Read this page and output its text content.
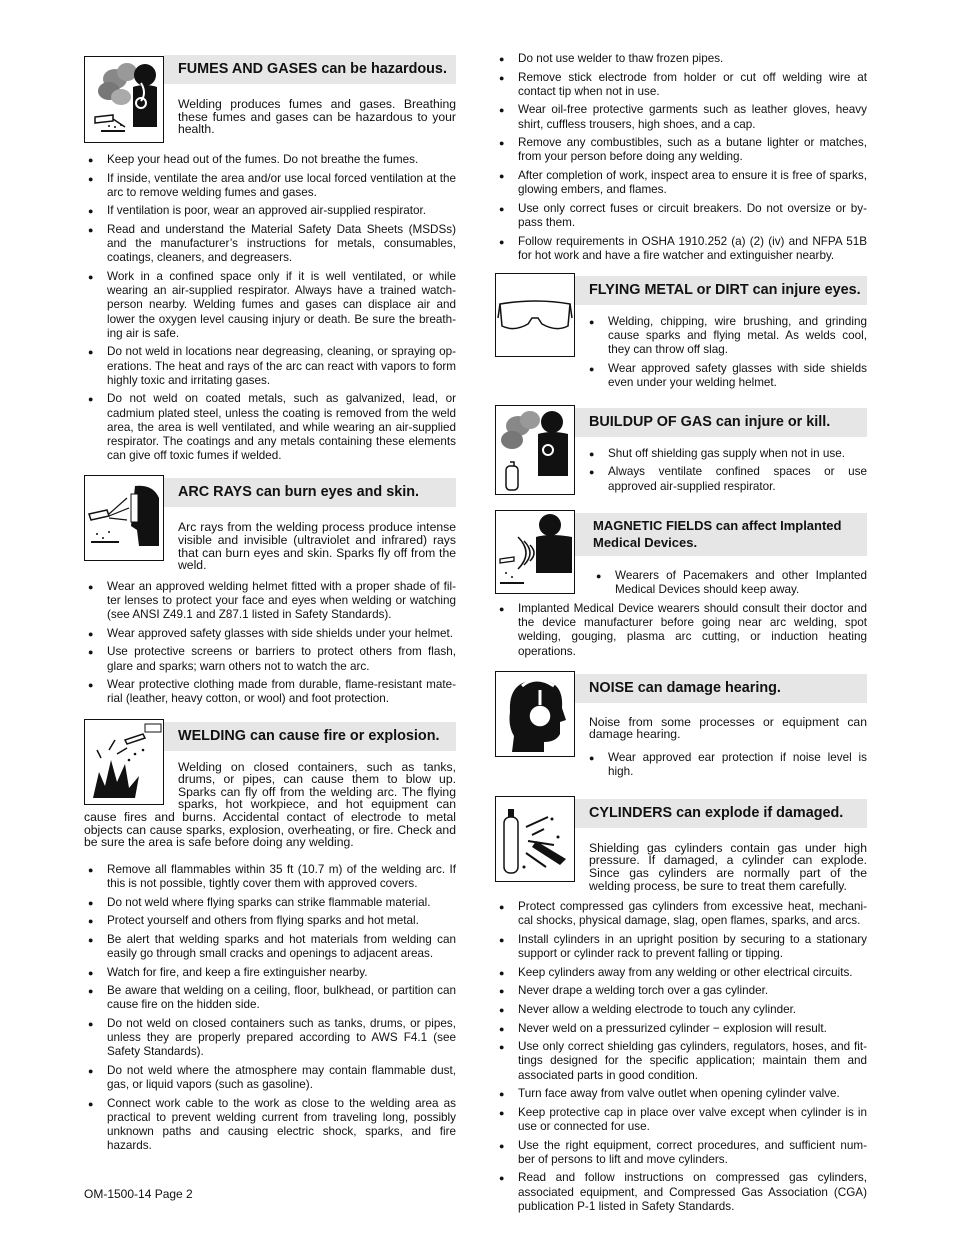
FUMES AND GASES can be hazardous.

Welding produces fumes and gases. Breathing these fumes and gases can be hazardous to your health.

● Keep your head out of the fumes. Do not breathe the fumes.
● If inside, ventilate the area and/or use local forced ventilation at the arc to remove welding fumes and gases.
● If ventilation is poor, wear an approved air-supplied respirator.
● Read and understand the Material Safety Data Sheets (MSDSs) and the manufacturer’s instructions for metals, consumables, coatings, cleaners, and degreasers.
● Work in a confined space only if it is well ventilated, or while wearing an air-supplied respirator. Always have a trained watch-person nearby. Welding fumes and gases can displace air and lower the oxygen level causing injury or death. Be sure the breath-ing air is safe.
● Do not weld in locations near degreasing, cleaning, or spraying op-erations. The heat and rays of the arc can react with vapors to form highly toxic and irritating gases.
● Do not weld on coated metals, such as galvanized, lead, or cadmium plated steel, unless the coating is removed from the weld area, the area is well ventilated, and while wearing an air-supplied respirator. The coatings and any metals containing these elements can give off toxic fumes if welded.
ARC RAYS can burn eyes and skin.

Arc rays from the welding process produce intense visible and invisible (ultraviolet and infrared) rays that can burn eyes and skin. Sparks fly off from the weld.

● Wear an approved welding helmet fitted with a proper shade of fil-ter lenses to protect your face and eyes when welding or watching (see ANSI Z49.1 and Z87.1 listed in Safety Standards).
● Wear approved safety glasses with side shields under your helmet.
● Use protective screens or barriers to protect others from flash, glare and sparks; warn others not to watch the arc.
● Wear protective clothing made from durable, flame-resistant mate-rial (leather, heavy cotton, or wool) and foot protection.
WELDING can cause fire or explosion.

Welding on closed containers, such as tanks, drums, or pipes, can cause them to blow up. Sparks can fly off from the welding arc. The flying sparks, hot workpiece, and hot equipment can cause fires and burns. Accidental contact of electrode to metal objects can cause sparks, explosion, overheating, or fire. Check and be sure the area is safe before doing any welding.

● Remove all flammables within 35 ft (10.7 m) of the welding arc. If this is not possible, tightly cover them with approved covers.
● Do not weld where flying sparks can strike flammable material.
● Protect yourself and others from flying sparks and hot metal.
● Be alert that welding sparks and hot materials from welding can easily go through small cracks and openings to adjacent areas.
● Watch for fire, and keep a fire extinguisher nearby.
● Be aware that welding on a ceiling, floor, bulkhead, or partition can cause fire on the hidden side.
● Do not weld on closed containers such as tanks, drums, or pipes, unless they are properly prepared according to AWS F4.1 (see Safety Standards).
● Do not weld where the atmosphere may contain flammable dust, gas, or liquid vapors (such as gasoline).
● Connect work cable to the work as close to the welding area as practical to prevent welding current from traveling long, possibly unknown paths and causing electric shock, sparks, and fire hazards.
● Do not use welder to thaw frozen pipes.
● Remove stick electrode from holder or cut off welding wire at contact tip when not in use.
● Wear oil-free protective garments such as leather gloves, heavy shirt, cuffless trousers, high shoes, and a cap.
● Remove any combustibles, such as a butane lighter or matches, from your person before doing any welding.
● After completion of work, inspect area to ensure it is free of sparks, glowing embers, and flames.
● Use only correct fuses or circuit breakers. Do not oversize or by-pass them.
● Follow requirements in OSHA 1910.252 (a) (2) (iv) and NFPA 51B for hot work and have a fire watcher and extinguisher nearby.
FLYING METAL or DIRT can injure eyes.
● Welding, chipping, wire brushing, and grinding cause sparks and flying metal. As welds cool, they can throw off slag.
● Wear approved safety glasses with side shields even under your welding helmet.
BUILDUP OF GAS can injure or kill.
● Shut off shielding gas supply when not in use.
● Always ventilate confined spaces or use approved air-supplied respirator.
MAGNETIC FIELDS can affect Implanted Medical Devices.
● Wearers of Pacemakers and other Implanted Medical Devices should keep away.
● Implanted Medical Device wearers should consult their doctor and the device manufacturer before going near arc welding, spot welding, gouging, plasma arc cutting, or induction heating operations.
NOISE can damage hearing.

Noise from some processes or equipment can damage hearing.

● Wear approved ear protection if noise level is high.
CYLINDERS can explode if damaged.

Shielding gas cylinders contain gas under high pressure. If damaged, a cylinder can explode. Since gas cylinders are normally part of the welding process, be sure to treat them carefully.

● Protect compressed gas cylinders from excessive heat, mechani-cal shocks, physical damage, slag, open flames, sparks, and arcs.
● Install cylinders in an upright position by securing to a stationary support or cylinder rack to prevent falling or tipping.
● Keep cylinders away from any welding or other electrical circuits.
● Never drape a welding torch over a gas cylinder.
● Never allow a welding electrode to touch any cylinder.
● Never weld on a pressurized cylinder − explosion will result.
● Use only correct shielding gas cylinders, regulators, hoses, and fit-tings designed for the specific application; maintain them and associated parts in good condition.
● Turn face away from valve outlet when opening cylinder valve.
● Keep protective cap in place over valve except when cylinder is in use or connected for use.
● Use the right equipment, correct procedures, and sufficient num-ber of persons to lift and move cylinders.
● Read and follow instructions on compressed gas cylinders, associated equipment, and Compressed Gas Association (CGA) publication P-1 listed in Safety Standards.
OM-1500-14 Page 2
